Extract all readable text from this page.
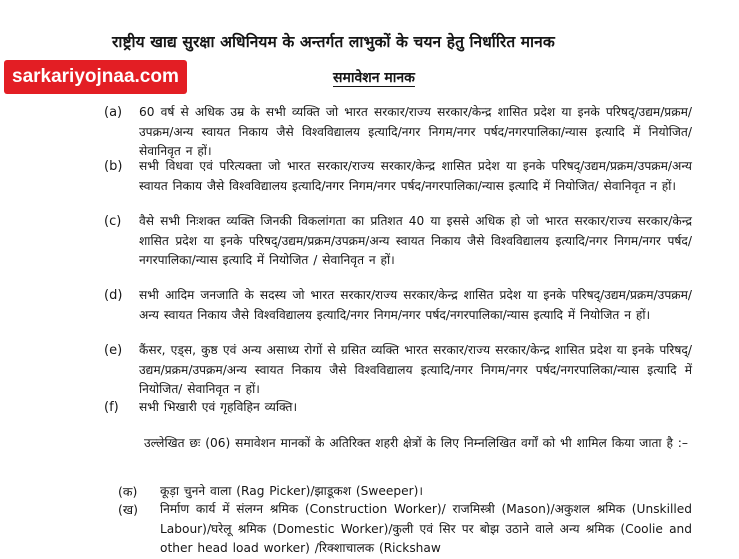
राष्ट्रीय खाद्य सुरक्षा अधिनियम के अन्तर्गत लाभुकों के चयन हेतु निर्धारित मानक
sarkariyojnaa.com	समावेशन मानक
(a) 60 वर्ष से अधिक उम्र के सभी व्यक्ति जो भारत सरकार/राज्य सरकार/केन्द्र शासित प्रदेश या इनके परिषद्/उद्यम/प्रक्रम/उपक्रम/अन्य स्वायत निकाय जैसे विश्वविद्यालय इत्यादि/नगर निगम/नगर पर्षद/नगरपालिका/न्यास इत्यादि में नियोजित/सेवानिवृत न हों।
(b) सभी विधवा एवं परित्यक्ता जो भारत सरकार/राज्य सरकार/केन्द्र शासित प्रदेश या इनके परिषद्/उद्यम/प्रक्रम/उपक्रम/अन्य स्वायत निकाय जैसे विश्वविद्यालय इत्यादि/नगर निगम/नगर पर्षद/नगरपालिका/न्यास इत्यादि में नियोजित/ सेवानिवृत न हों।
(c) वैसे सभी निःशक्त व्यक्ति जिनकी विकलांगता का प्रतिशत 40 या इससे अधिक हो जो भारत सरकार/राज्य सरकार/केन्द्र शासित प्रदेश या इनके परिषद्/उद्यम/प्रक्रम/उपक्रम/अन्य स्वायत निकाय जैसे विश्वविद्यालय इत्यादि/नगर निगम/नगर पर्षद/नगरपालिका/न्यास इत्यादि में नियोजित / सेवानिवृत न हों।
(d) सभी आदिम जनजाति के सदस्य जो भारत सरकार/राज्य सरकार/केन्द्र शासित प्रदेश या इनके परिषद्/उद्यम/प्रक्रम/उपक्रम/अन्य स्वायत निकाय जैसे विश्वविद्यालय इत्यादि/नगर निगम/नगर पर्षद/नगरपालिका/न्यास इत्यादि में नियोजित न हों।
(e) कैंसर, एड्स, कुष्ठ एवं अन्य असाध्य रोगों से ग्रसित व्यक्ति भारत सरकार/राज्य सरकार/केन्द्र शासित प्रदेश या इनके परिषद्/उद्यम/प्रक्रम/उपक्रम/अन्य स्वायत निकाय जैसे विश्वविद्यालय इत्यादि/नगर निगम/नगर पर्षद/नगरपालिका/न्यास इत्यादि में नियोजित/ सेवानिवृत न हों।
(f) सभी भिखारी एवं गृहविहिन व्यक्ति।
उल्लेखित छः (06) समावेशन मानकों के अतिरिक्त शहरी क्षेत्रों के लिए निम्नलिखित वर्गों को भी शामिल किया जाता है :–
(क) कूड़ा चुनने वाला (Rag Picker)/झाडूकश (Sweeper)।
(ख) निर्माण कार्य में संलग्न श्रमिक (Construction Worker)/ राजमिस्त्री (Mason)/अकुशल श्रमिक (Unskilled Labour)/घरेलू श्रमिक (Domestic Worker)/कुली एवं सिर पर बोझ उठाने वाले अन्य श्रमिक (Coolie and other head load worker) /रिक्शाचालक (Rickshaw
